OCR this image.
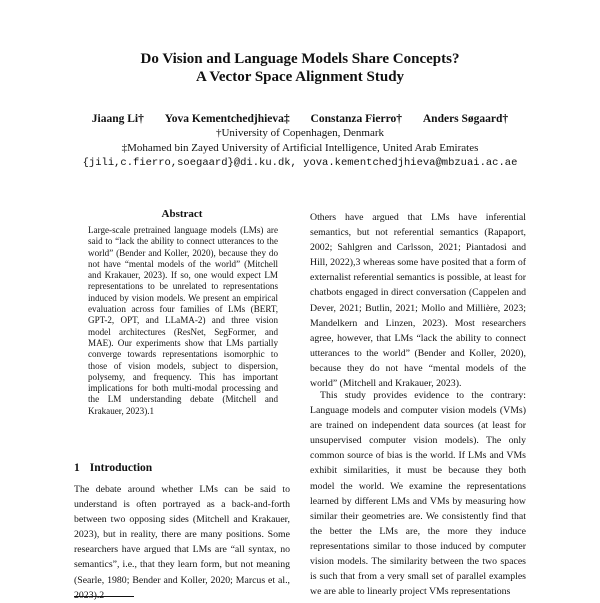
Do Vision and Language Models Share Concepts?
A Vector Space Alignment Study
Jiaang Li† Yova Kementchedjhieva‡ Constanza Fierro† Anders Søgaard†
†University of Copenhagen, Denmark
‡Mohamed bin Zayed University of Artificial Intelligence, United Arab Emirates
{jili,c.fierro,soegaard}@di.ku.dk, yova.kementchedjhieva@mbzuai.ac.ae
Abstract

Large-scale pretrained language models (LMs) are said to “lack the ability to connect utterances to the world” (Bender and Koller, 2020), because they do not have “mental models of the world” (Mitchell and Krakauer, 2023). If so, one would expect LM representations to be unrelated to representations induced by vision models. We present an empirical evaluation across four families of LMs (BERT, GPT-2, OPT, and LLaMA-2) and three vision model architectures (ResNet, SegFormer, and MAE). Our experiments show that LMs partially converge towards representations isomorphic to those of vision models, subject to dispersion, polysemy, and frequency. This has important implications for both multi-modal processing and the LM understanding debate (Mitchell and Krakauer, 2023).1

1 Introduction

The debate around whether LMs can be said to understand is often portrayed as a back-and-forth between two opposing sides (Mitchell and Krakauer, 2023), but in reality, there are many positions. Some researchers have argued that LMs are “all syntax, no semantics”, i.e., that they learn form, but not meaning (Searle, 1980; Bender and Koller, 2020; Marcus et al.,

Others have argued that LMs have inferential semantics, but not referential semantics (Rapaport, 2002; Sahlgren and Carlsson, 2021; Piantadosi and Hill, 2022),3 whereas some have posited that a form of externalist referential semantics is possible, at least for chatbots engaged in direct conversation (Cappelen and Dever, 2021; Butlin, 2021; Mollo and Millière, 2023; Mandelkern and Linzen, 2023). Most researchers agree, however, that LMs “lack the ability to connect utterances to the world” (Bender and Koller, 2020), because they do not have “mental models of the world” (Mitchell and Krakauer, 2023).

This study provides evidence to the contrary: Language models and computer vision models (VMs) are trained on independent data sources (at least for unsupervised computer vision models). The only common source of bias is the world. If LMs and VMs exhibit similarities, it must be because they both model the world. We examine the representations learned by different LMs and VMs by measuring how similar their geometries are. We consistently find that the better the LMs are, the more they induce representations similar to those induced by computer vision models. The similarity between the two spaces is such that from a very small set of parallel examples we are able to linearly project VMs representations
